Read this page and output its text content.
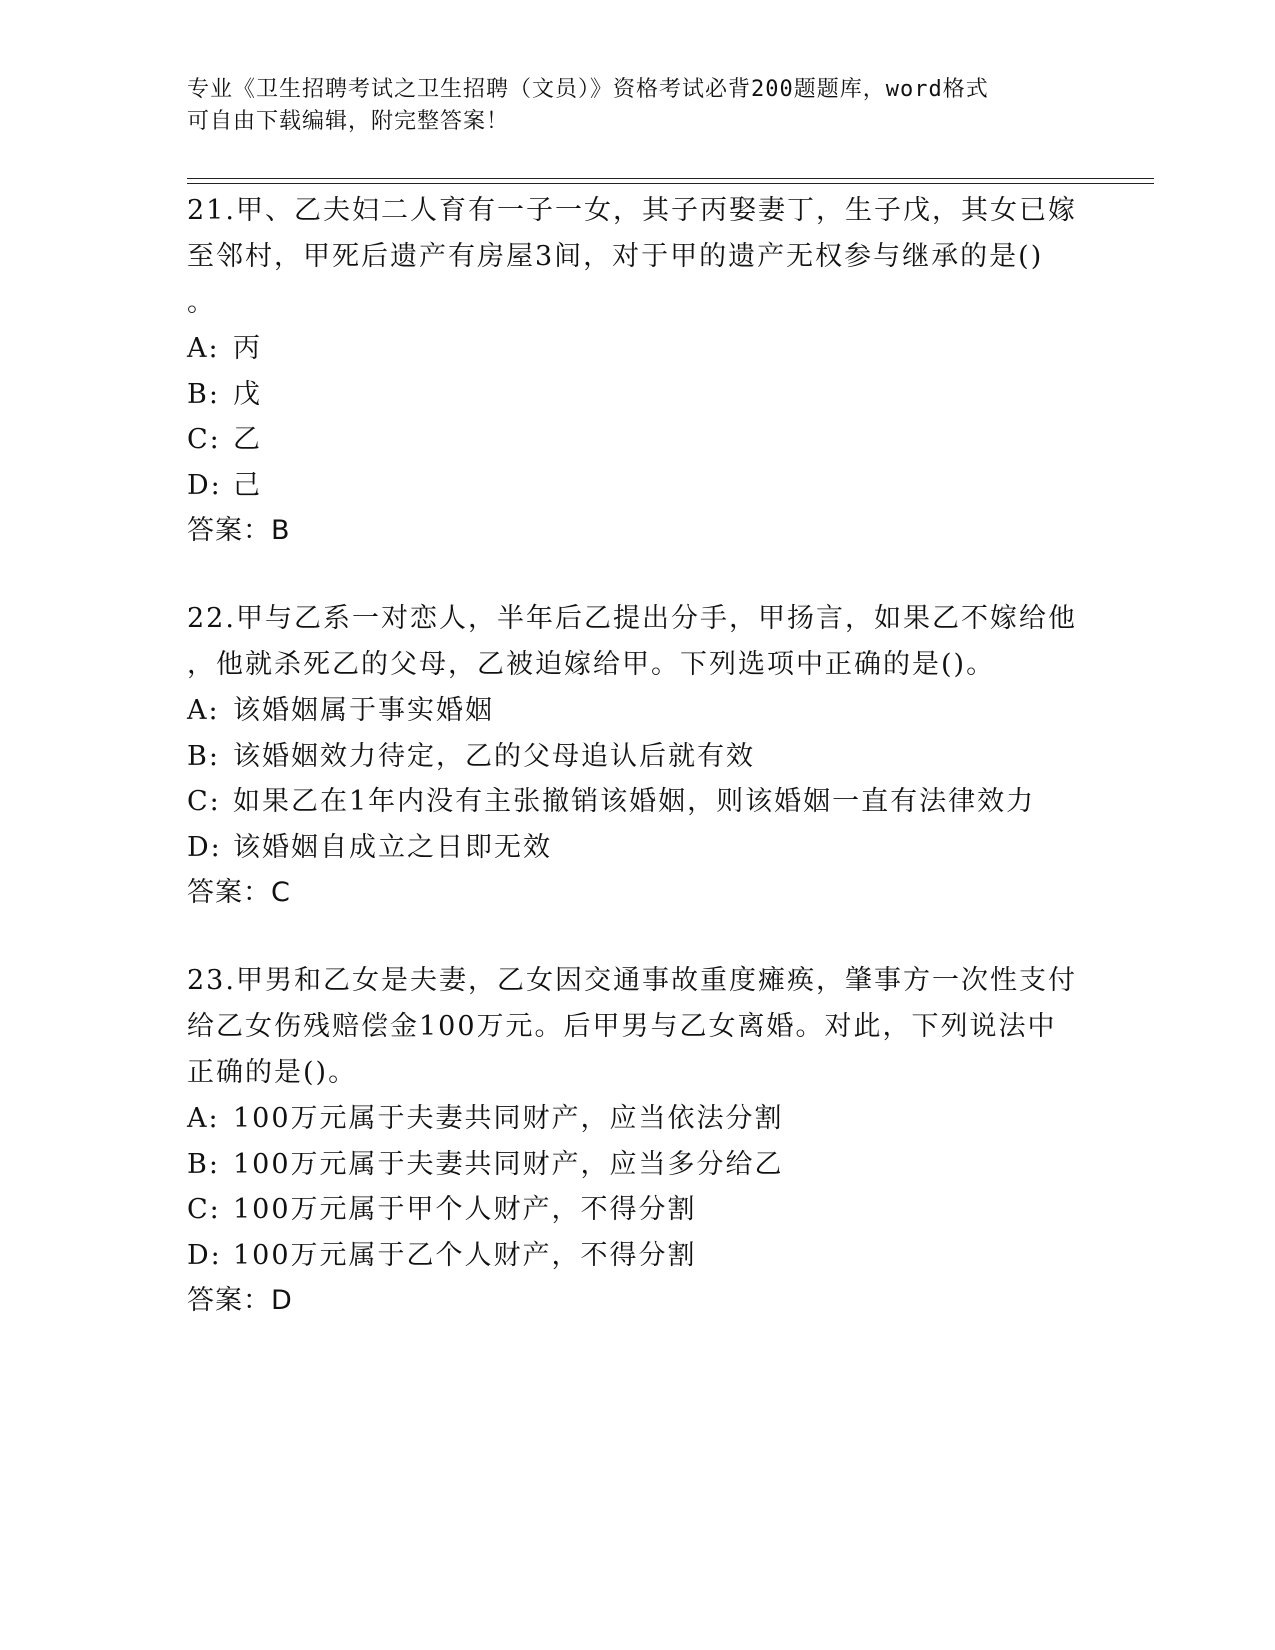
专业《卫生招聘考试之卫生招聘（文员）》资格考试必背200题题库，word格式
可自由下载编辑，附完整答案！
21.甲、乙夫妇二人育有一子一女，其子丙娶妻丁，生子戊，其女已嫁
至邻村，甲死后遗产有房屋3间，对于甲的遗产无权参与继承的是()
。
A: 丙
B: 戊
C: 乙
D: 己
答案：B
22.甲与乙系一对恋人，半年后乙提出分手，甲扬言，如果乙不嫁给他
，他就杀死乙的父母，乙被迫嫁给甲。下列选项中正确的是()。
A: 该婚姻属于事实婚姻
B: 该婚姻效力待定，乙的父母追认后就有效
C: 如果乙在1年内没有主张撤销该婚姻，则该婚姻一直有法律效力
D: 该婚姻自成立之日即无效
答案：C
23.甲男和乙女是夫妻，乙女因交通事故重度瘫痪，肇事方一次性支付
给乙女伤残赔偿金100万元。后甲男与乙女离婚。对此，下列说法中
正确的是()。
A: 100万元属于夫妻共同财产，应当依法分割
B: 100万元属于夫妻共同财产，应当多分给乙
C: 100万元属于甲个人财产，不得分割
D: 100万元属于乙个人财产，不得分割
答案：D
